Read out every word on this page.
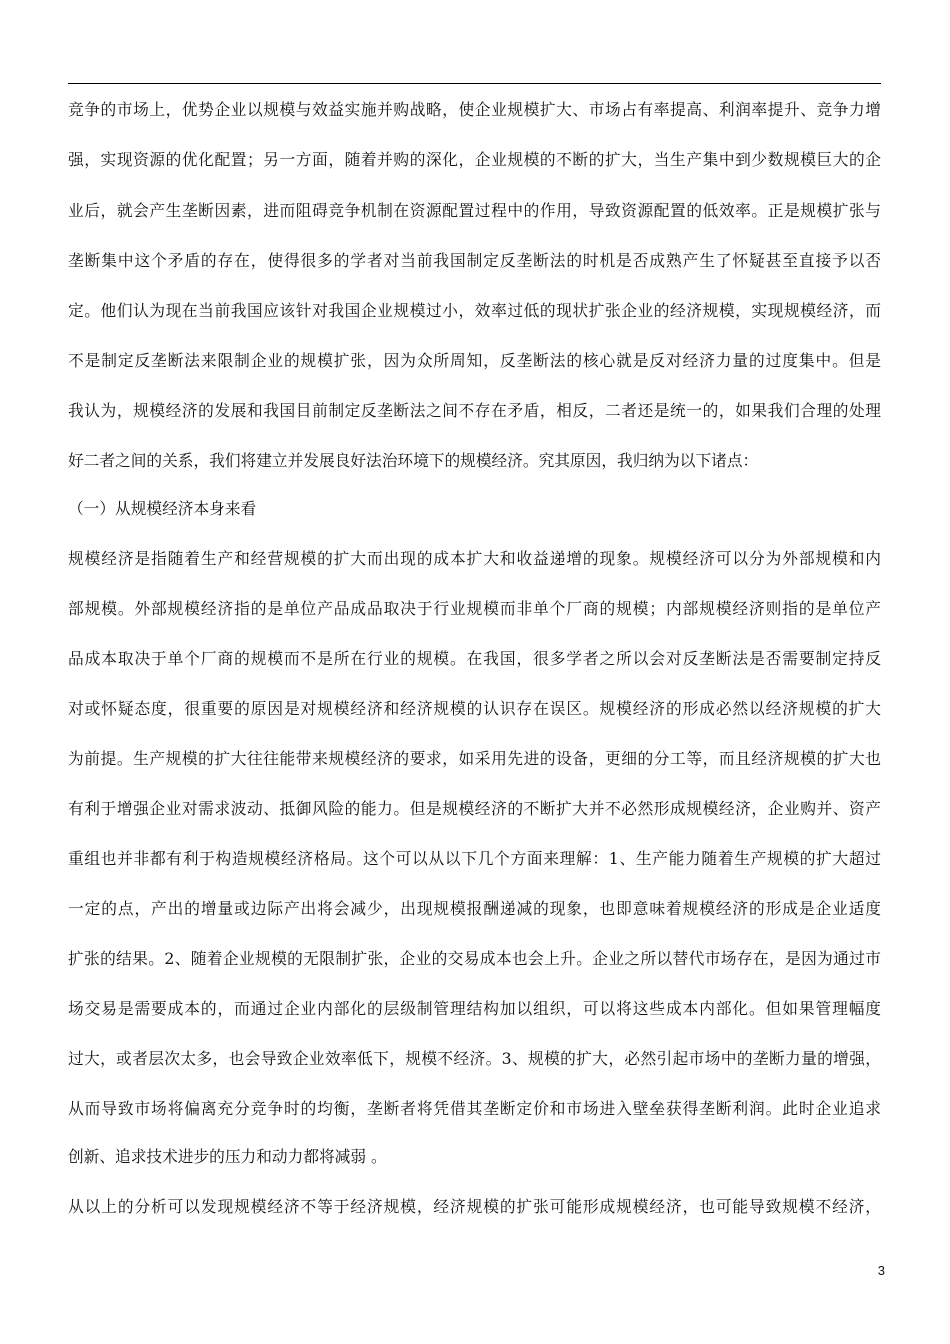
竞争的市场上，优势企业以规模与效益实施并购战略，使企业规模扩大、市场占有率提高、利润率提升、竞争力增
强，实现资源的优化配置；另一方面，随着并购的深化，企业规模的不断的扩大，当生产集中到少数规模巨大的企
业后，就会产生垄断因素，进而阻碍竞争机制在资源配置过程中的作用，导致资源配置的低效率。正是规模扩张与
垄断集中这个矛盾的存在，使得很多的学者对当前我国制定反垄断法的时机是否成熟产生了怀疑甚至直接予以否
定。他们认为现在当前我国应该针对我国企业规模过小，效率过低的现状扩张企业的经济规模，实现规模经济，而
不是制定反垄断法来限制企业的规模扩张，因为众所周知，反垄断法的核心就是反对经济力量的过度集中。但是
我认为，规模经济的发展和我国目前制定反垄断法之间不存在矛盾，相反，二者还是统一的，如果我们合理的处理
好二者之间的关系，我们将建立并发展良好法治环境下的规模经济。究其原因，我归纳为以下诸点：
（一）从规模经济本身来看
规模经济是指随着生产和经营规模的扩大而出现的成本扩大和收益递增的现象。规模经济可以分为外部规模和内
部规模。外部规模经济指的是单位产品成品取决于行业规模而非单个厂商的规模；内部规模经济则指的是单位产
品成本取决于单个厂商的规模而不是所在行业的规模。在我国，很多学者之所以会对反垄断法是否需要制定持反
对或怀疑态度，很重要的原因是对规模经济和经济规模的认识存在误区。规模经济的形成必然以经济规模的扩大
为前提。生产规模的扩大往往能带来规模经济的要求，如采用先进的设备，更细的分工等，而且经济规模的扩大也
有利于增强企业对需求波动、抵御风险的能力。但是规模经济的不断扩大并不必然形成规模经济，企业购并、资产
重组也并非都有利于构造规模经济格局。这个可以从以下几个方面来理解：1、生产能力随着生产规模的扩大超过
一定的点，产出的增量或边际产出将会减少，出现规模报酬递减的现象，也即意味着规模经济的形成是企业适度
扩张的结果。2、随着企业规模的无限制扩张，企业的交易成本也会上升。企业之所以替代市场存在，是因为通过市
场交易是需要成本的，而通过企业内部化的层级制管理结构加以组织，可以将这些成本内部化。但如果管理幅度
过大，或者层次太多，也会导致企业效率低下，规模不经济。3、规模的扩大，必然引起市场中的垄断力量的增强，
从而导致市场将偏离充分竞争时的均衡，垄断者将凭借其垄断定价和市场进入壁垒获得垄断利润。此时企业追求
创新、追求技术进步的压力和动力都将减弱 。
从以上的分析可以发现规模经济不等于经济规模，经济规模的扩张可能形成规模经济，也可能导致规模不经济，
3
